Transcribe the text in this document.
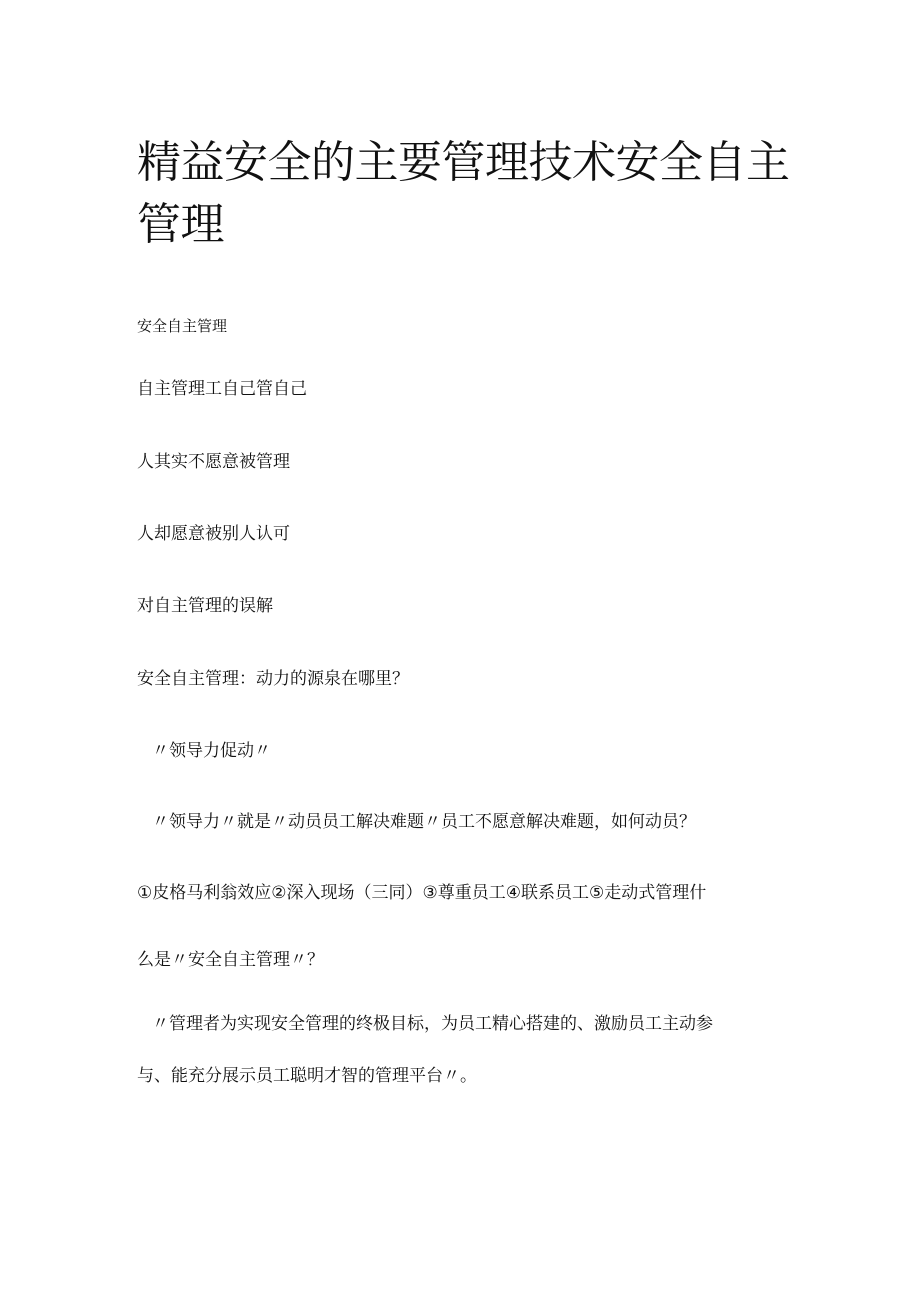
精益安全的主要管理技术安全自主管理

安全自主管理

自主管理工自己管自己

人其实不愿意被管理

人却愿意被别人认可

对自主管理的误解

安全自主管理：动力的源泉在哪里？

〃领导力促动〃

〃领导力〃就是〃动员员工解决难题〃员工不愿意解决难题，如何动员？

①皮格马利翁效应②深入现场（三同）③尊重员工④联系员工⑤走动式管理什
么是〃安全自主管理〃？
〃管理者为实现安全管理的终极目标，为员工精心搭建的、激励员工主动参
与、能充分展示员工聪明才智的管理平台〃。
